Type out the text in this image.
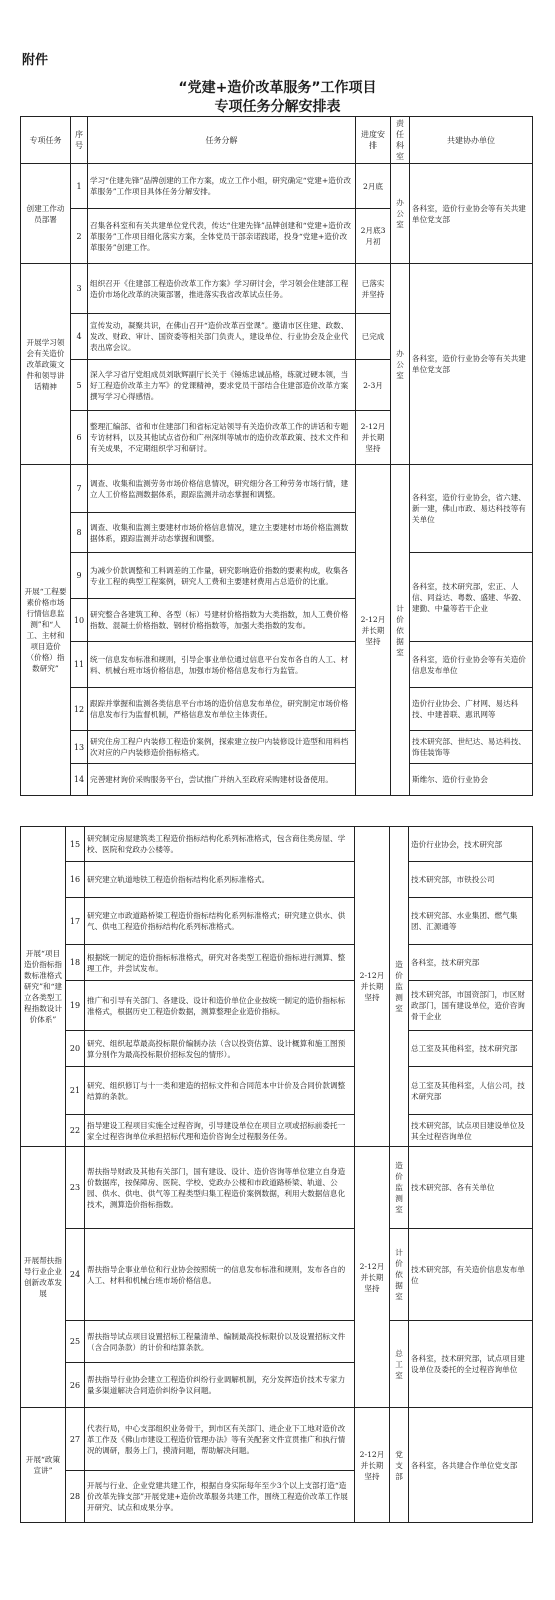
附件
“党建+造价改革服务”工作项目
专项任务分解安排表
专项任务	序号	任务分解	进度安排	责任科室	共建协办单位
创建工作动员部署	1	学习“住建先锋”品牌创建的工作方案，成立工作小组，研究确定“党建+造价改革服务”工作项目具体任务分解安排。	2月底	办公室	各科室，造价行业协会等有关共建单位党支部
	2	召集各科室和有关共建单位党代表，传达“住建先锋”品牌创建和“党建+造价改革服务”工作项目细化落实方案，全体党员干部亲诺践诺，投身“党建+造价改革服务”创建工作。	2月底3月初		
开展学习领会有关造价改革政策文件和领导讲话精神	3	组织召开《住建部工程造价改革工作方案》学习研讨会，学习领会住建部工程造价市场化改革的决策部署，推进落实我省改革试点任务。	已落实并坚持	办公室	各科室，造价行业协会等有关共建单位党支部
	4	宣传发动，凝聚共识，在佛山召开“造价改革百堂课”。邀请市区住建、政数、发改、财政、审计、国资委等相关部门负责人，建设单位、行业协会及企业代表出席会议。	已完成		
	5	深入学习省厅党组成员刘耿辉副厅长关于《锤炼忠诚品格，练就过硬本领，当好工程造价改革主力军》的党课精神，要求党员干部结合住建部造价改革方案撰写学习心得感悟。	2-3月		
	6	整理汇编部、省和市住建部门和省标定站领导有关造价改革工作的讲话和专题专访材料，以及其他试点省份和广州深圳等城市的造价改革政策、技术文件和有关成果，不定期组织学习和研讨。	2-12月并长期坚持		
开展“工程要素价格市场行情信息监测”和“人工、主材和项目造价（价格）指数研究”	7	调查、收集和监测劳务市场价格信息情况，研究细分各工种劳务市场行情，建立人工价格监测数据体系，跟踪监测并动态掌握和调整。	2-12月并长期坚持	计价依据室	各科室，造价行业协会，省六建、新一建，佛山市政、易达科技等有关单位
	8	调查、收集和监测主要建材市场价格信息情况，建立主要建材市场价格监测数据体系，跟踪监测并动态掌握和调整。			
	9	为减少价款调整和工料调差的工作量，研究影响造价指数的要素构成，收集各专业工程的典型工程案例，研究人工费和主要建材费用占总造价的比重。			各科室，技术研究部，宏正、人信、同益达、粤数、盛建、华盈、建勤、中量等若干企业
	10	研究整合各建筑工种、各型（标）号建材价格指数为大类指数，加人工费价格指数、混凝土价格指数、钢材价格指数等，加强大类指数的发布。			
	11	统一信息发布标准和规则，引导企事业单位通过信息平台发布各自的人工、材料、机械台班市场价格信息，加强市场价格信息发布行为监管。			各科室，造价行业协会等有关造价信息发布单位
	12	跟踪并掌握和监测各类信息平台市场的造价信息发布单位，研究制定市场价格信息发布行为监督机制，严格信息发布单位主体责任。			造价行业协会、广材网、易达科技、中建普联、惠讯网等
	13	研究住房工程户内装修工程造价案例，探索建立按户内装修设计造型和用料档次对应的户内装修造价指标格式。			技术研究部、世纪达、易达科技、饰佳装饰等
	14	完善建材询价采购服务平台，尝试推广并纳入至政府采购建材设备使用。			斯维尔、造价行业协会
开展“项目造价指标指数标准格式研究”和“建立各类型工程指数设计价体系”	15	研究制定房屋建筑类工程造价指标结构化系列标准格式，包含商住类房屋、学校、医院和党政办公楼等。	2-12月并长期坚持	造价监测室	造价行业协会，技术研究部
	16	研究建立轨道地铁工程造价指标结构化系列标准格式。			技术研究部，市铁投公司
	17	研究建立市政道路桥梁工程造价指标结构化系列标准格式；研究建立供水、供气、供电工程造价指标结构化系列标准格式。			技术研究部、水业集团、燃气集团、汇源通等
	18	根据统一制定的造价指标标准格式，研究对各类型工程造价指标进行测算、整理工作，并尝试发布。			各科室，技术研究部
	19	推广和引导有关部门、各建设、设计和造价单位企业按统一制定的造价指标标准格式，根据历史工程造价数据，测算整理企业造价指标。			技术研究部，市国资部门，市区财政部门，国有建设单位，造价咨询骨干企业
	20	研究、组织起草最高投标限价编制办法（含以投资估算、设计概算和施工图预算分别作为最高投标限价招标发包的情形）。			总工室及其他科室，技术研究部
	21	研究、组织修订与十一类和建造的招标文件和合同范本中计价及合同价款调整结算的条款。			总工室及其他科室，人信公司，技术研究部
	22	指导建设工程项目实施全过程咨询，引导建设单位在项目立项或招标前委托一家全过程咨询单位承担招标代理和造价咨询全过程服务任务。			技术研究部，试点项目建设单位及其全过程咨询单位
开展帮扶指导行业企业创新改革发展	23	帮扶指导财政及其他有关部门，国有建设、设计、造价咨询等单位建立自身造价数据库，按保障房、医院、学校、党政办公楼和市政道路桥梁、轨道、公园、供水、供电、供气等工程类型归集工程造价案例数据，利用大数据信息化技术，测算造价指标指数。	2-12月并长期坚持	造价监测室	技术研究部、各有关单位
	24	帮扶指导企事业单位和行业协会按照统一的信息发布标准和规则，发布各自的人工、材料和机械台班市场价格信息。		计价依据室	技术研究部，有关造价信息发布单位
	25	帮扶指导试点项目设置招标工程量清单、编制最高投标限价以及设置招标文件（含合同条款）的计价和结算条款。		总工室	各科室，技术研究部，试点项目建设单位及委托的全过程咨询单位
	26	帮扶指导行业协会建立工程造价纠纷行业调解机制，充分发挥造价技术专家力量多渠道解决合同造价纠纷争议问题。			
开展“政策宣讲”	27	代表行局，中心支部组织业务骨干，到市区有关部门、进企业下工地对造价改革工作及《佛山市建设工程造价管理办法》等有关配套文件宣贯推广和执行情况的调研，服务上门，摸清问题，帮助解决问题。	2-12月并长期坚持	党支部	各科室，各共建合作单位党支部
	28	开展与行业、企业党建共建工作，根据自身实际每年至少3个以上支部打造“造价改革先锋支部”开展党建+造价改革服务共建工作，围绕工程造价改革工作展开研究、试点和成果分享。			
